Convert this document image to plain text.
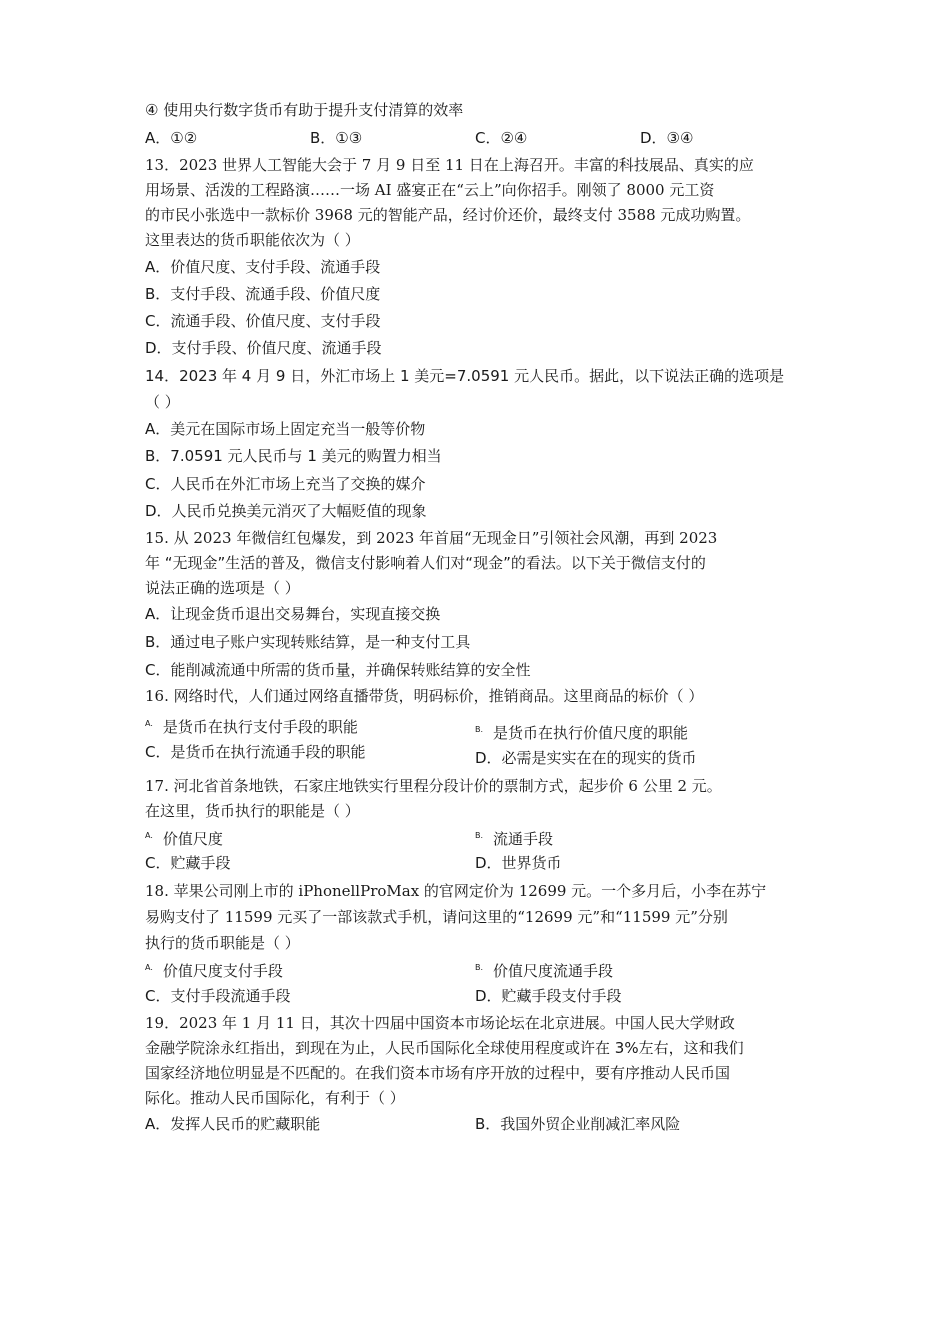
④ 使用央行数字货币有助于提升支付清算的效率
A．①②	B．①③	C．②④	D．③④
13．2023 世界人工智能大会于 7 月 9 日至 11 日在上海召开。丰富的科技展品、真实的应
用场景、活泼的工程路演……一场 AI 盛宴正在“云上”向你招手。刚领了 8000 元工资
的市民小张选中一款标价 3968 元的智能产品，经讨价还价，最终支付 3588 元成功购置。
这里表达的货币职能依次为（ ）
A．价值尺度、支付手段、流通手段
B．支付手段、流通手段、价值尺度
C．流通手段、价值尺度、支付手段
D．支付手段、价值尺度、流通手段
14．2023 年 4 月 9 日，外汇市场上 1 美元=7.0591 元人民币。据此，以下说法正确的选项是
（ ）
A．美元在国际市场上固定充当一般等价物
B．7.0591 元人民币与 1 美元的购置力相当
C．人民币在外汇市场上充当了交换的媒介
D．人民币兑换美元消灭了大幅贬值的现象
15. 从 2023 年微信红包爆发，到 2023 年首届“无现金日”引领社会风潮，再到 2023
年 “无现金”生活的普及，微信支付影响着人们对“现金”的看法。以下关于微信支付的
说法正确的选项是（ ）
A．让现金货币退出交易舞台，实现直接交换
B．通过电子账户实现转账结算，是一种支付工具
C．能削减流通中所需的货币量，并确保转账结算的安全性
16. 网络时代，人们通过网络直播带货，明码标价，推销商品。这里商品的标价（ ）
$^{A.}$ 是货币在执行支付手段的职能	$^{B.}$ 是货币在执行价值尺度的职能
C．是货币在执行流通手段的职能	D．必需是实实在在的现实的货币
17. 河北省首条地铁，石家庄地铁实行里程分段计价的票制方式，起步价 6 公里 2 元。
在这里，货币执行的职能是（ ）
$^{A.}$ 价值尺度	$^{B.}$ 流通手段
C．贮藏手段	D．世界货币
18. 苹果公司刚上市的 iPhonellProMax 的官网定价为 12699 元。一个多月后，小李在苏宁
易购支付了 11599 元买了一部该款式手机，请问这里的“12699 元”和“11599 元”分别
执行的货币职能是（ ）
$^{A.}$ 价值尺度支付手段	$^{B.}$ 价值尺度流通手段
C．支付手段流通手段	D．贮藏手段支付手段
19．2023 年 1 月 11 日，其次十四届中国资本市场论坛在北京进展。中国人民大学财政
金融学院涂永红指出，到现在为止，人民币国际化全球使用程度或许在 3%左右，这和我们
国家经济地位明显是不匹配的。在我们资本市场有序开放的过程中，要有序推动人民币国
际化。推动人民币国际化，有利于（ ）
A．发挥人民币的贮藏职能	B．我国外贸企业削减汇率风险
